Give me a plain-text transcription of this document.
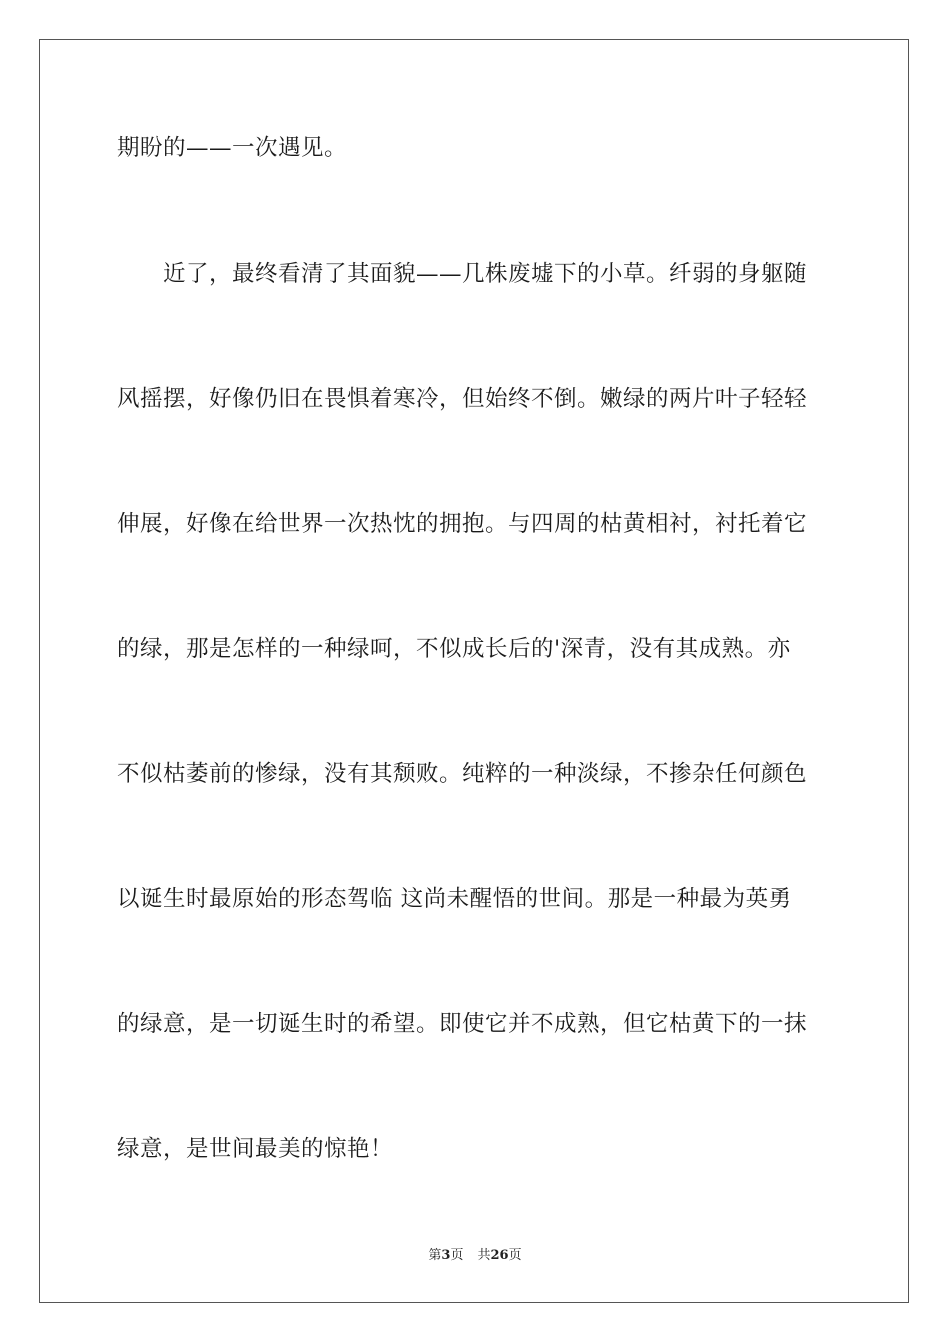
期盼的——一次遇见。
近了，最终看清了其面貌——几株废墟下的小草。纤弱的身躯随
风摇摆，好像仍旧在畏惧着寒冷，但始终不倒。嫩绿的两片叶子轻轻
伸展，好像在给世界一次热忱的拥抱。与四周的枯黄相衬，衬托着它
的绿，那是怎样的一种绿呵，不似成长后的'深青，没有其成熟。亦
不似枯萎前的惨绿，没有其颓败。纯粹的一种淡绿，不掺杂任何颜色
以诞生时最原始的形态驾临 这尚未醒悟的世间。那是一种最为英勇
的绿意，是一切诞生时的希望。即使它并不成熟，但它枯黄下的一抹
绿意，是世间最美的惊艳！
第3页 共26页
